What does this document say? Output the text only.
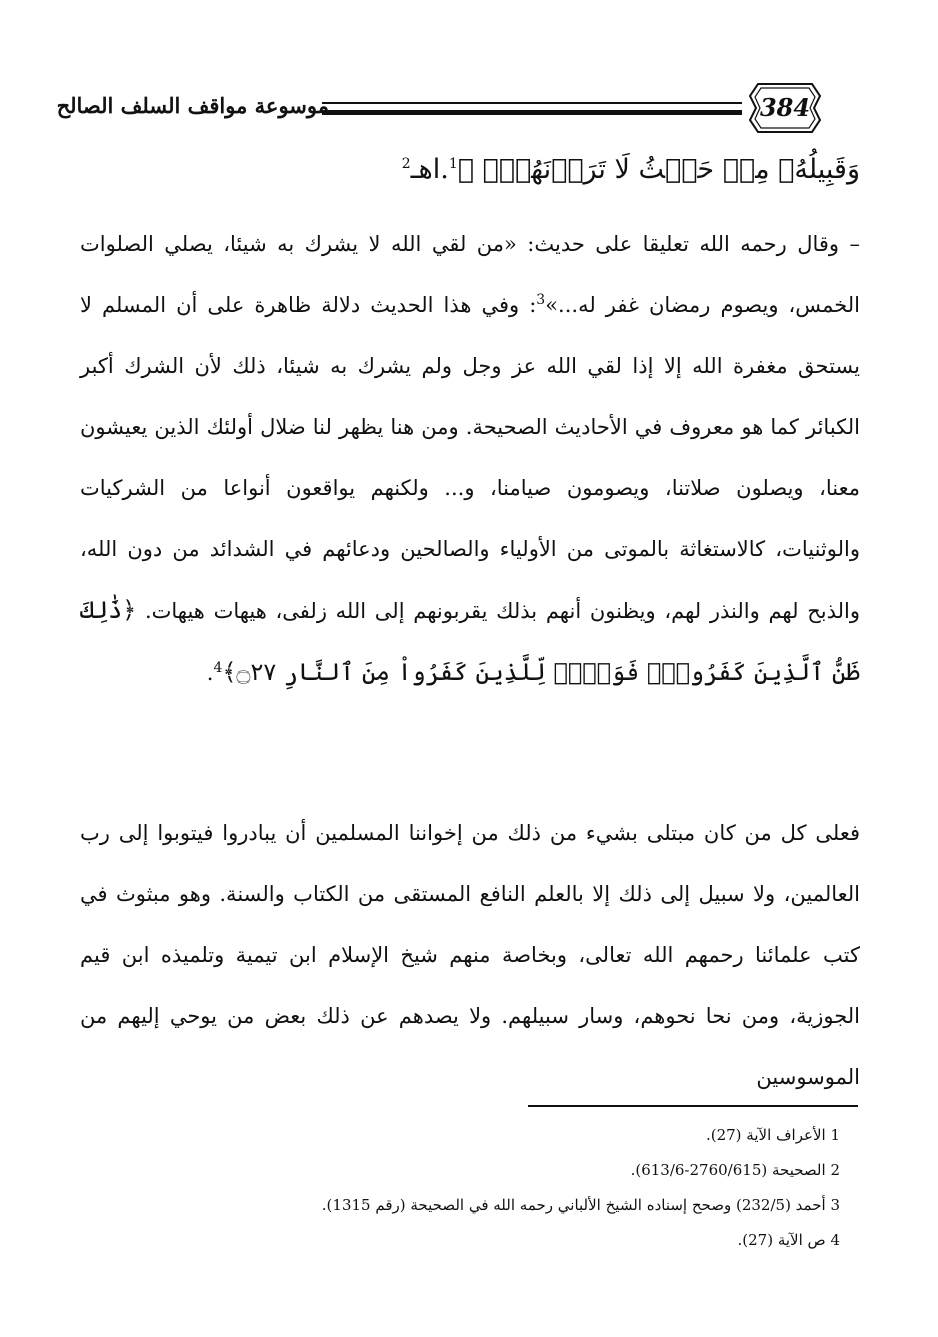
موسوعة مواقف السلف الصالح	384
وَقَبِيلُهُۥ مِنۡ حَيۡثُ لَا تَرَوۡنَهُمۡۗ ﴾$^1$.اهـ$^2$
– وقال رحمه الله تعليقا على حديث: «من لقي الله لا يشرك به شيئا، يصلي الصلوات الخمس، ويصوم رمضان غفر له...»$^3$: وفي هذا الحديث دلالة ظاهرة على أن المسلم لا يستحق مغفرة الله إلا إذا لقي الله عز وجل ولم يشرك به شيئا، ذلك لأن الشرك أكبر الكبائر كما هو معروف في الأحاديث الصحيحة. ومن هنا يظهر لنا ضلال أولئك الذين يعيشون معنا، ويصلون صلاتنا، ويصومون صيامنا، و... ولكنهم يواقعون أنواعا من الشركيات والوثنيات، كالاستغاثة بالموتى من الأولياء والصالحين ودعائهم في الشدائد من دون الله، والذبح لهم والنذر لهم، ويظنون أنهم بذلك يقربونهم إلى الله زلفى، هيهات هيهات. ﴿ذَٰلِكَ ظَنُّ ٱلَّذِينَ كَفَرُواْۚ فَوَيۡلٞ لِّلَّذِينَ كَفَرُواْ مِنَ ٱلنَّارِ ۝٢٧﴾$^4$.
فعلى كل من كان مبتلى بشيء من ذلك من إخواننا المسلمين أن يبادروا فيتوبوا إلى رب العالمين، ولا سبيل إلى ذلك إلا بالعلم النافع المستقى من الكتاب والسنة. وهو مبثوث في كتب علمائنا رحمهم الله تعالى، وبخاصة منهم شيخ الإسلام ابن تيمية وتلميذه ابن قيم الجوزية، ومن نحا نحوهم، وسار سبيلهم. ولا يصدهم عن ذلك بعض من يوحي إليهم من الموسوسين
1 الأعراف الآية (27).
2 الصحيحة (2760/615-613/6).
3 أحمد (232/5) وصحح إسناده الشيخ الألباني رحمه الله في الصحيحة (رقم 1315).
4 ص الآية (27).
